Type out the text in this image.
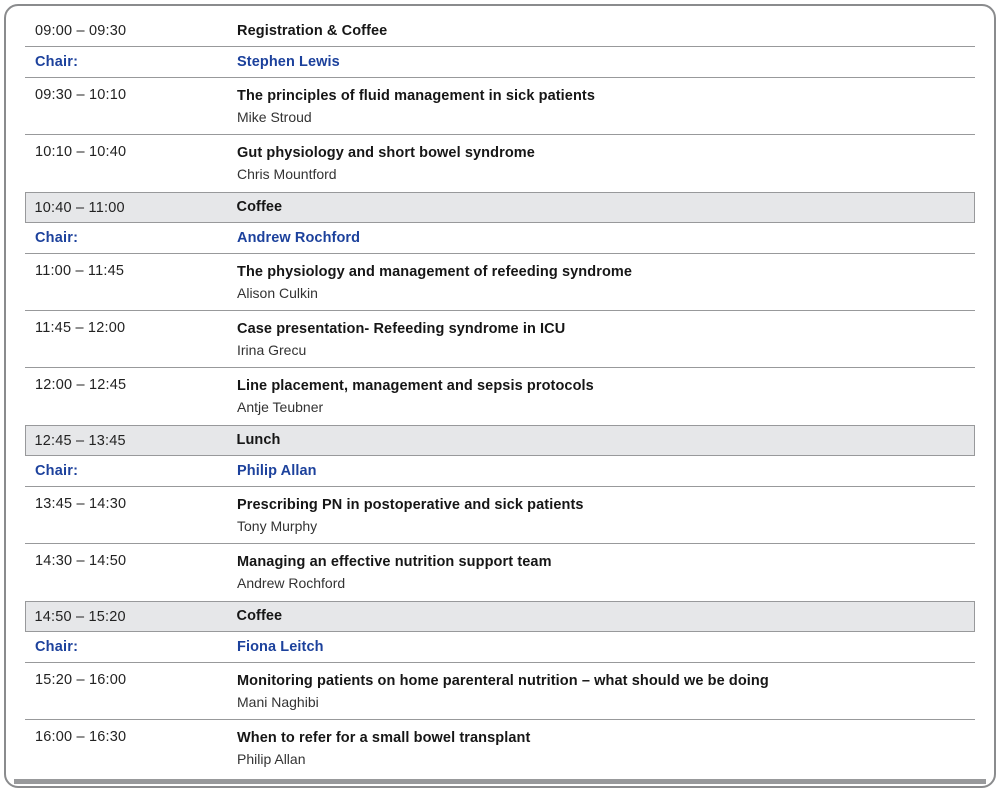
09:00 – 09:30	Registration & Coffee
Chair:	Stephen Lewis
09:30 – 10:10	The principles of fluid management in sick patients
Mike Stroud
10:10 – 10:40	Gut physiology and short bowel syndrome
Chris Mountford
10:40 – 11:00	Coffee
Chair:	Andrew Rochford
11:00 – 11:45	The physiology and management of refeeding syndrome
Alison Culkin
11:45 – 12:00	Case presentation- Refeeding syndrome in ICU
Irina Grecu
12:00 – 12:45	Line placement, management and sepsis protocols
Antje Teubner
12:45 – 13:45	Lunch
Chair:	Philip Allan
13:45 – 14:30	Prescribing PN in postoperative and sick patients
Tony Murphy
14:30 – 14:50	Managing an effective nutrition support team
Andrew Rochford
14:50 – 15:20	Coffee
Chair:	Fiona Leitch
15:20 – 16:00	Monitoring patients on home parenteral nutrition – what should we be doing
Mani Naghibi
16:00 – 16:30	When to refer for a small bowel transplant
Philip Allan
